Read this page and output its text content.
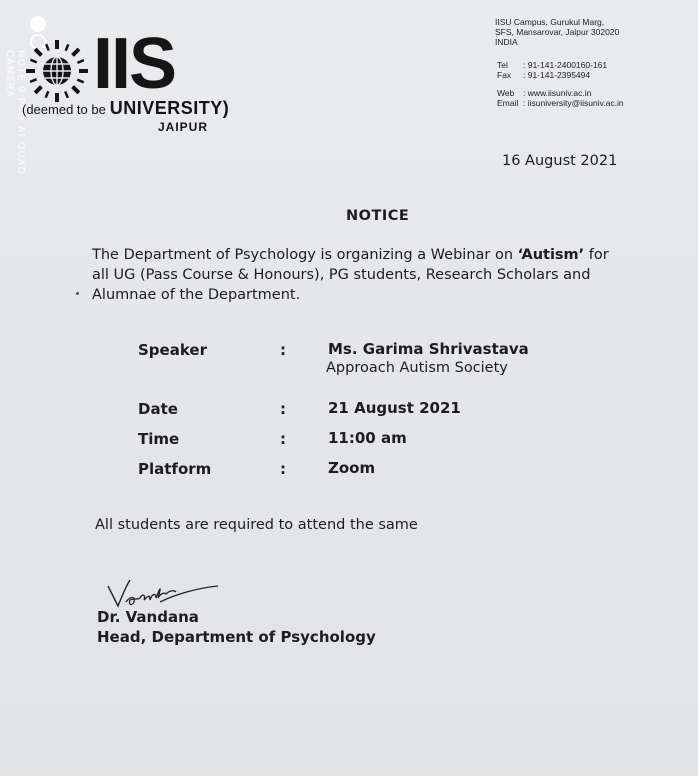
NOTE 9 PRO AI QUAD CAMERA IIS
(deemed to be UNIVERSITY)
JAIPUR
IISU Campus, Gurukul Marg,
SFS, Mansarovar, Jaipur 302020
INDIA
Tel	: 91-141-2400160-161
Fax	: 91-141-2395494
Web	: www.iisuniv.ac.in
Email : iisuniversity@iisuniv.ac.in
16 August 2021
NOTICE
The Department of Psychology is organizing a Webinar on ‘Autism’ for all UG (Pass Course & Honours), PG students, Research Scholars and Alumnae of the Department.
Speaker	:	Ms. Garima Shrivastava
Approach Autism Society
Date	:	21 August 2021
Time	:	11:00 am
Platform	:	Zoom
All students are required to attend the same
Dr. Vandana
Head, Department of Psychology
